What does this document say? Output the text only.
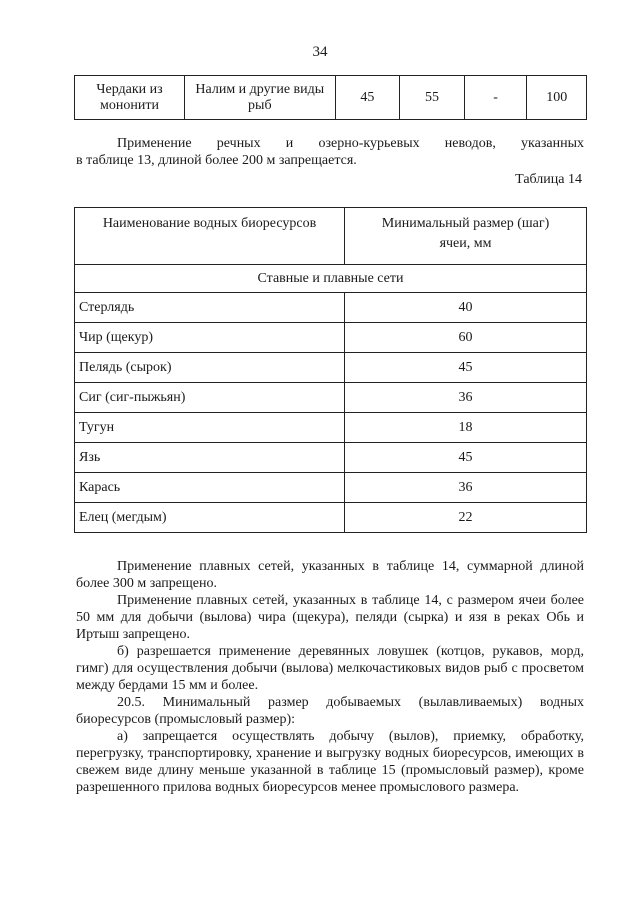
34
Чердаки из мононити	Налим и другие виды рыб	45	55	-	100
Применение речных и озерно-курьевых неводов, указанных
в таблице 13, длиной более 200 м запрещается.
Таблица 14
Наименование водных биоресурсов	Минимальный размер (шаг) ячеи, мм
Ставные и плавные сети	
Стерлядь	40
Чир (щекур)	60
Пелядь (сырок)	45
Сиг (сиг-пыжьян)	36
Тугун	18
Язь	45
Карась	36
Елец (мегдым)	22

Применение плавных сетей, указанных в таблице 14, суммарной длиной более 300 м запрещено.

Применение плавных сетей, указанных в таблице 14, с размером ячеи более 50 мм для добычи (вылова) чира (щекура), пеляди (сырка) и язя в реках Обь и Иртыш запрещено.

б) разрешается применение деревянных ловушек (котцов, рукавов, морд, гимг) для осуществления добычи (вылова) мелкочастиковых видов рыб с просветом между бердами 15 мм и более.

20.5. Минимальный размер добываемых (вылавливаемых) водных биоресурсов (промысловый размер):

а) запрещается осуществлять добычу (вылов), приемку, обработку, перегрузку, транспортировку, хранение и выгрузку водных биоресурсов, имеющих в свежем виде длину меньше указанной в таблице 15 (промысловый размер), кроме разрешенного прилова водных биоресурсов менее промыслового размера.
